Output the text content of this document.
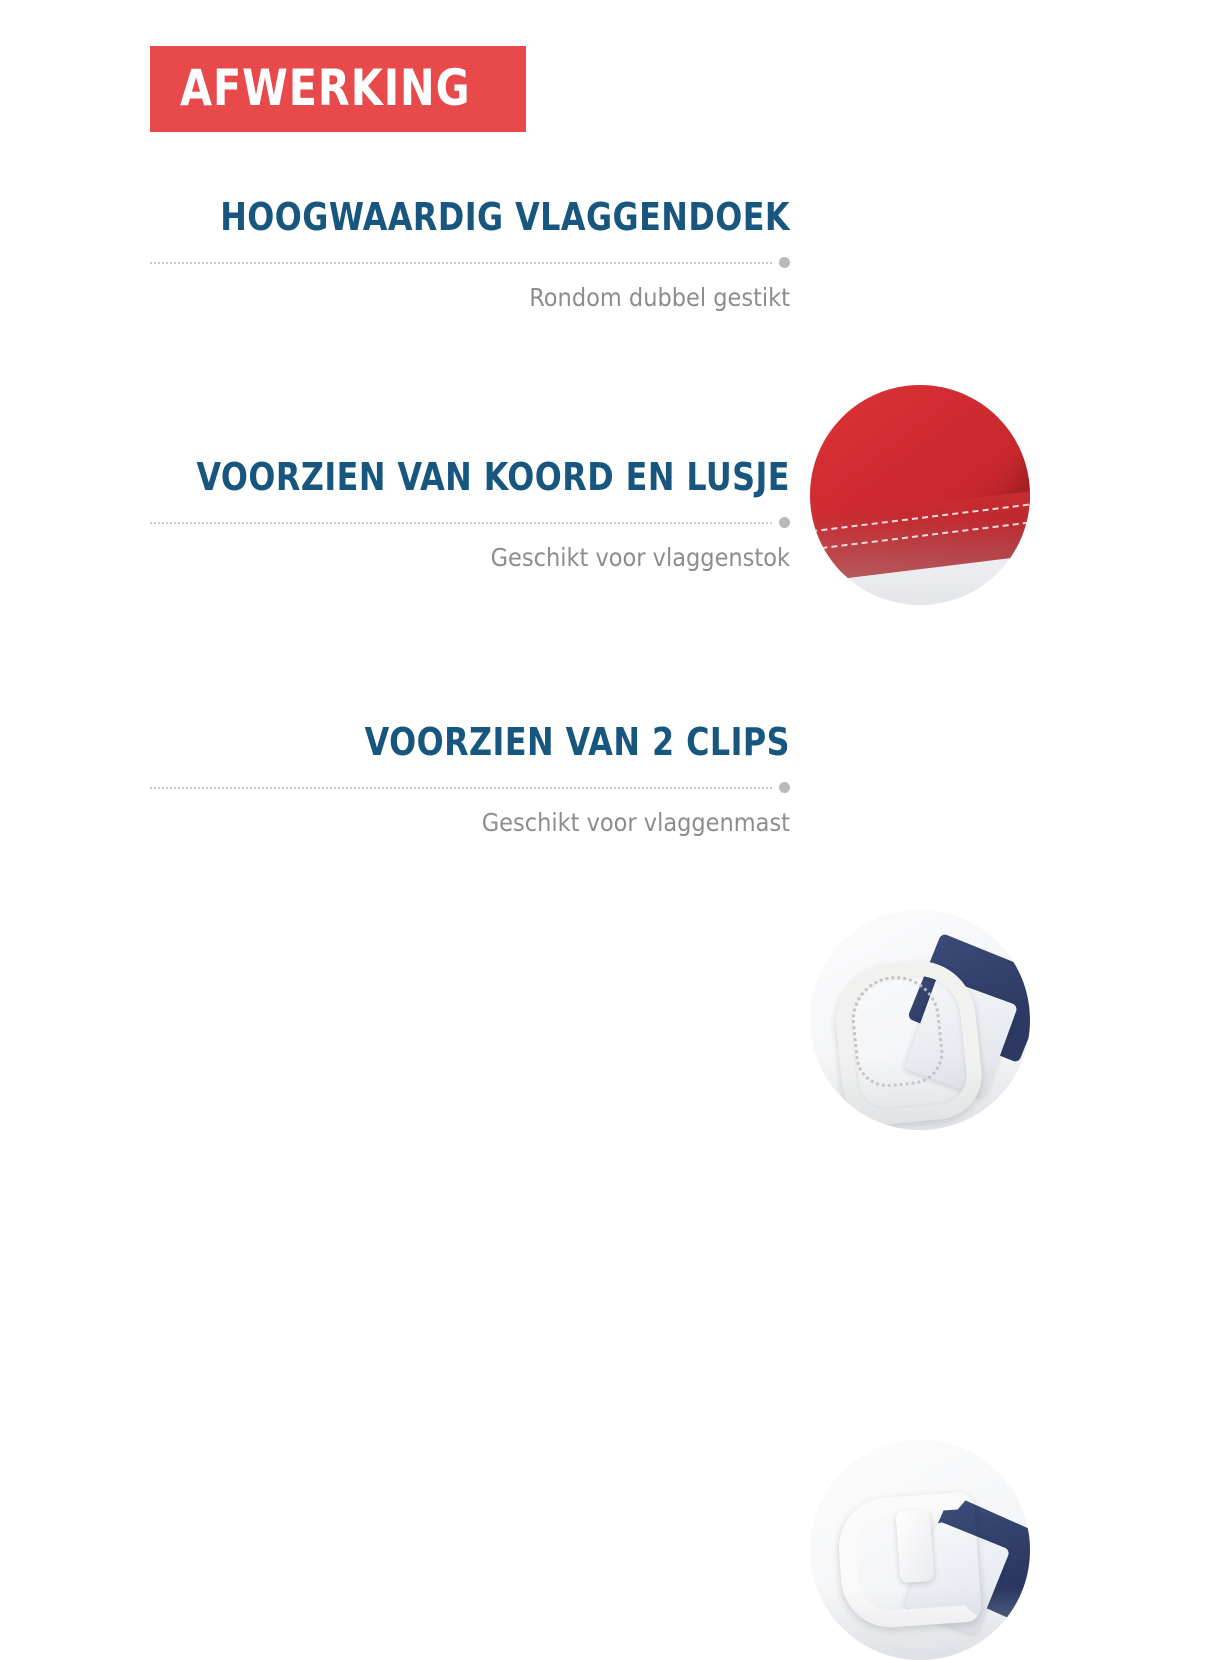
AFWERKING
HOOGWAARDIG VLAGGENDOEK
Rondom dubbel gestikt
VOORZIEN VAN KOORD EN LUSJE
Geschikt voor vlaggenstok
VOORZIEN VAN 2 CLIPS
Geschikt voor vlaggenmast
